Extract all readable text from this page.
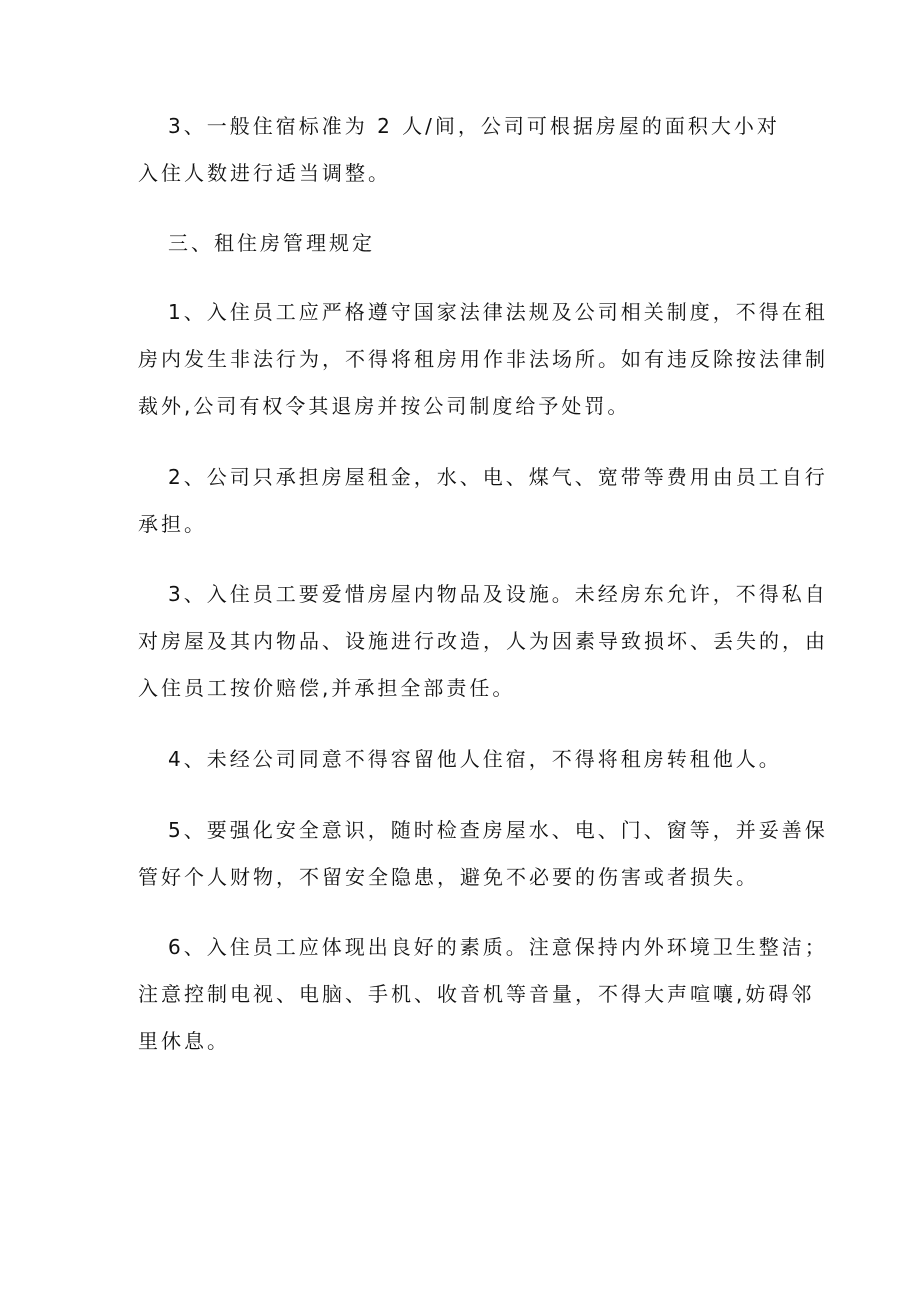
3、一般住宿标准为 2 人/间，公司可根据房屋的面积大小对
入住人数进行适当调整。

三、租住房管理规定

1、入住员工应严格遵守国家法律法规及公司相关制度，不得在租
房内发生非法行为，不得将租房用作非法场所。如有违反除按法律制
裁外,公司有权令其退房并按公司制度给予处罚。

2、公司只承担房屋租金，水、电、煤气、宽带等费用由员工自行
承担。

3、入住员工要爱惜房屋内物品及设施。未经房东允许，不得私自
对房屋及其内物品、设施进行改造，人为因素导致损坏、丢失的，由
入住员工按价赔偿,并承担全部责任。

4、未经公司同意不得容留他人住宿，不得将租房转租他人。

5、要强化安全意识，随时检查房屋水、电、门、窗等，并妥善保
管好个人财物，不留安全隐患，避免不必要的伤害或者损失。

6、入住员工应体现出良好的素质。注意保持内外环境卫生整洁；
注意控制电视、电脑、手机、收音机等音量，不得大声喧嚷,妨碍邻
里休息。
